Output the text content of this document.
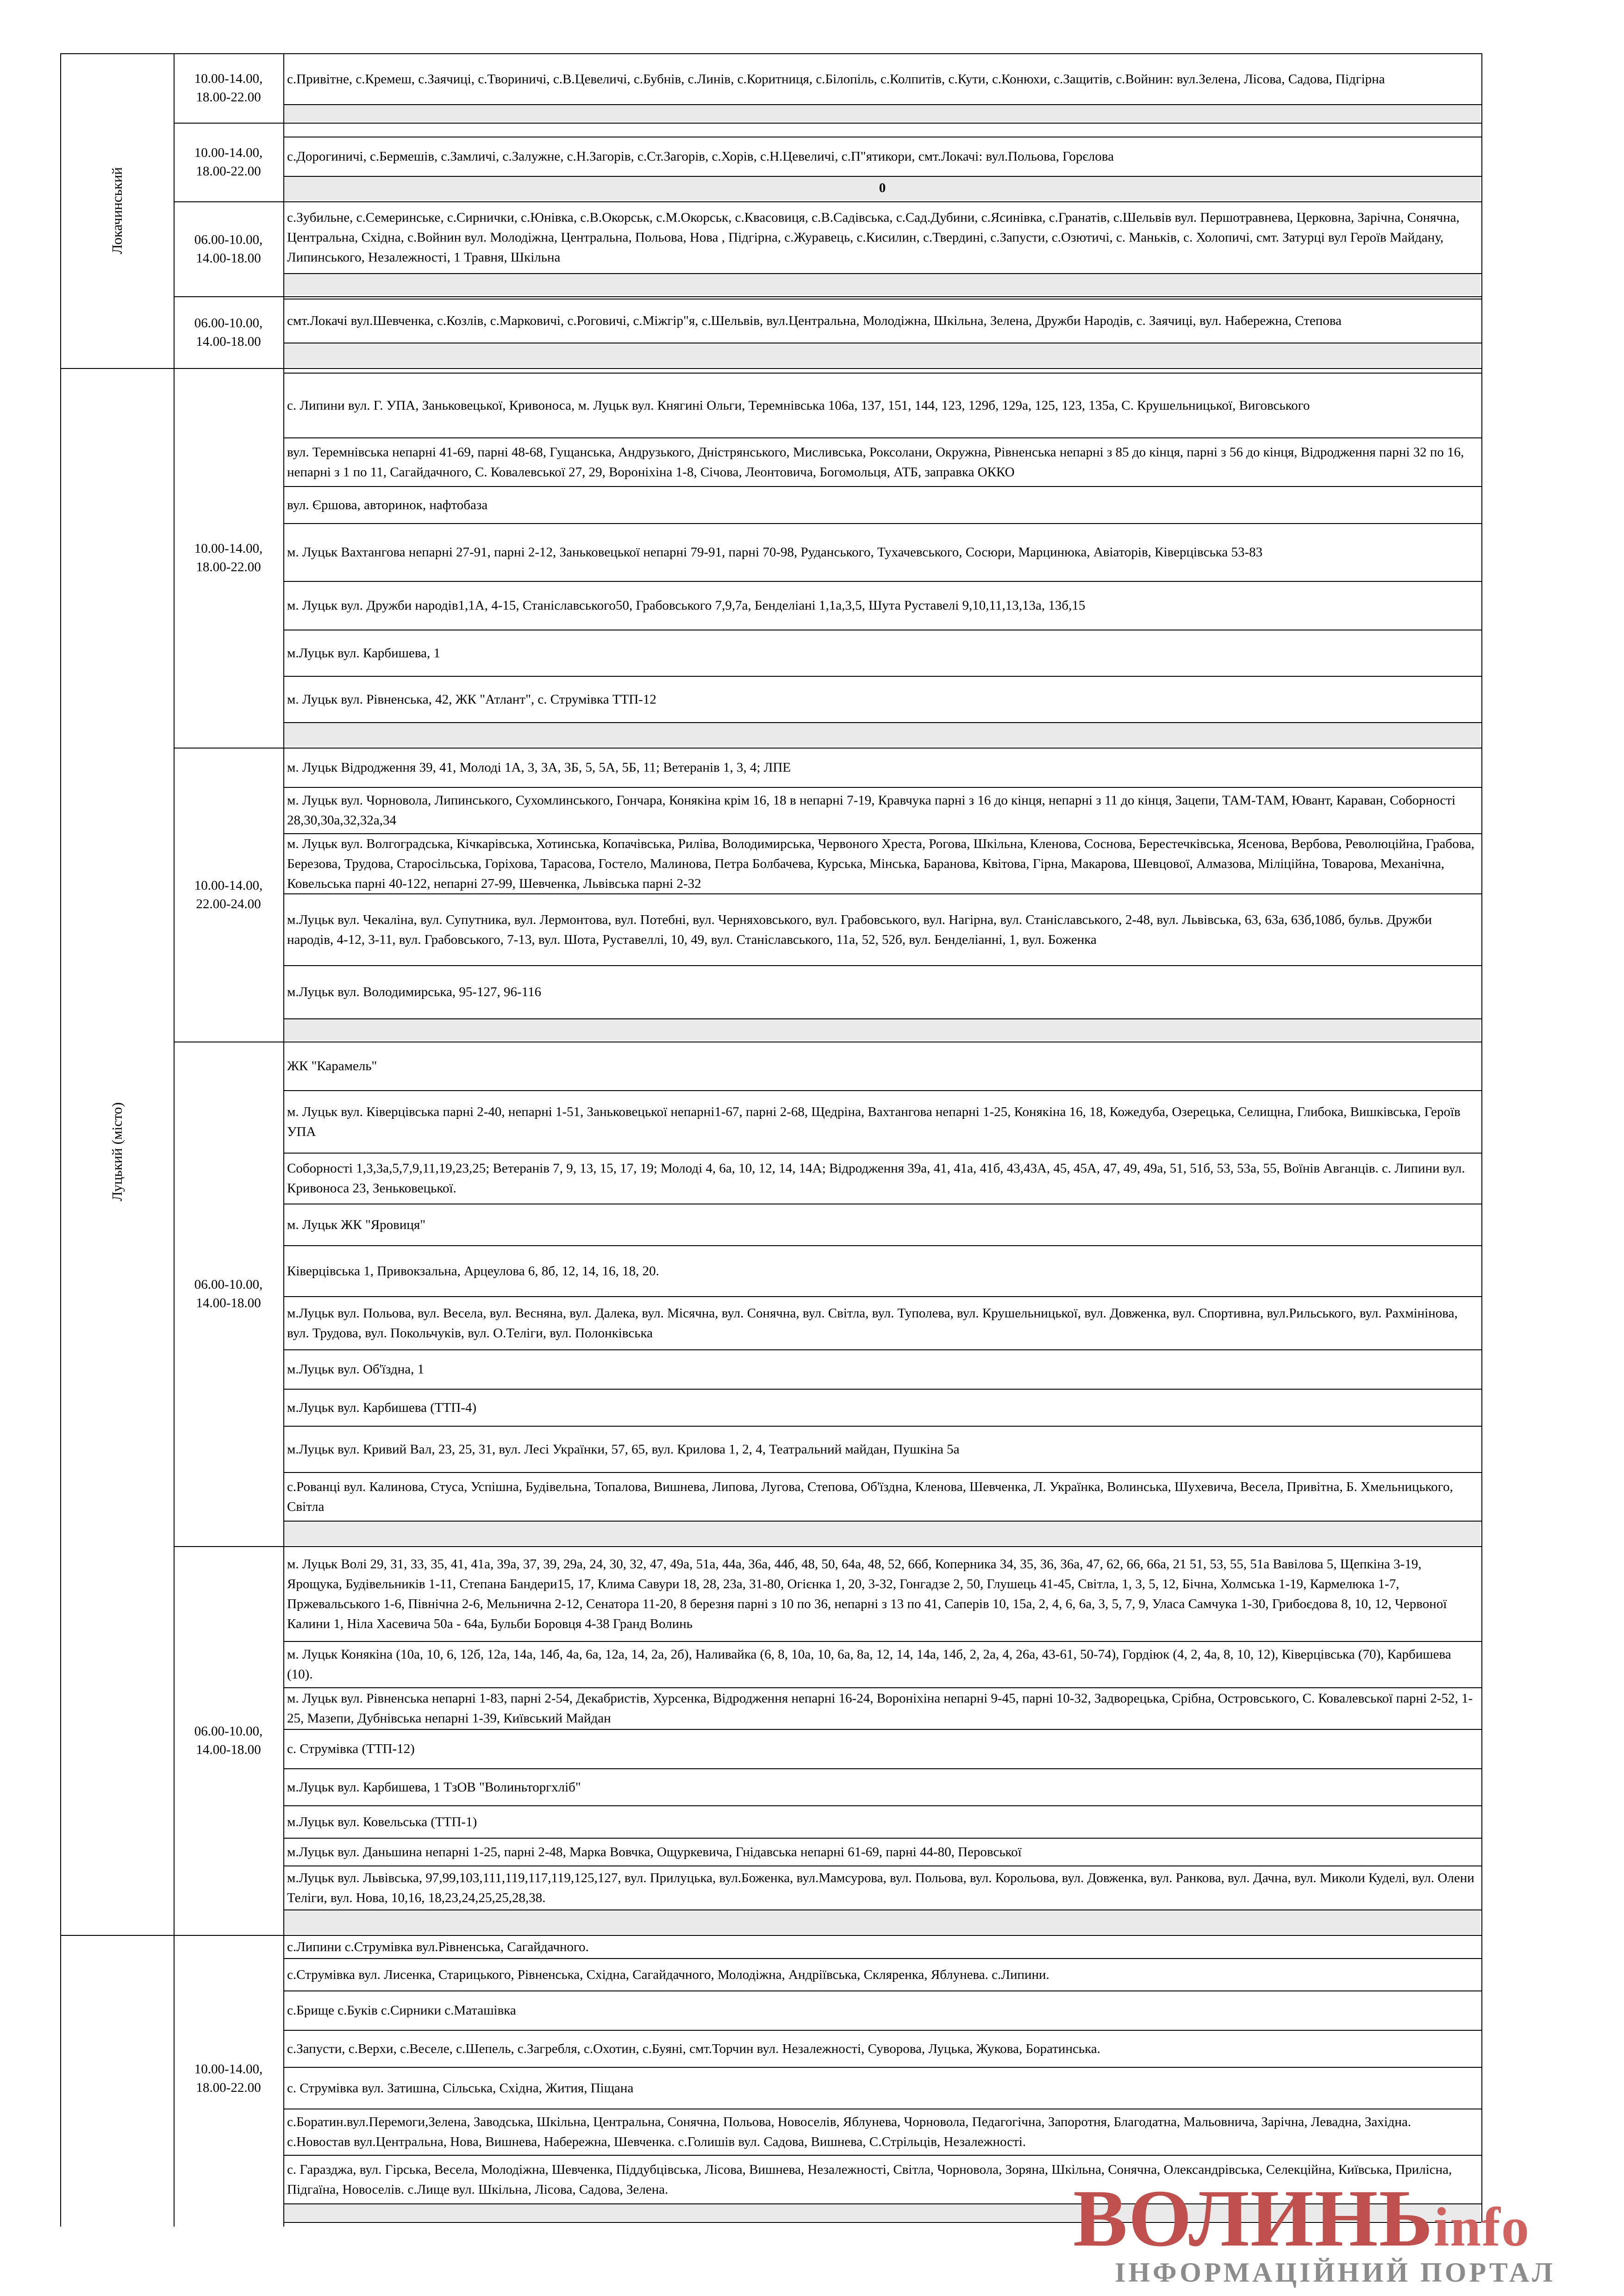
Локачинський
Луцький (місто)
10.00-14.00,
18.00-22.00
с.Привітне, с.Кремеш, с.Заячиці, с.Твориничі, с.В.Цевеличі, с.Бубнів, с.Линів, с.Коритниця, с.Білопіль, с.Колпитів, с.Кути, с.Конюхи, с.Защитів, с.Войнин: вул.Зелена, Лісова, Садова, Підгірна
10.00-14.00,
18.00-22.00
с.Дорогиничі, с.Бермешів, с.Замличі, с.Залужне, с.Н.Загорів, с.Ст.Загорів, с.Хорів, с.Н.Цевеличі, с.П"ятикори, смт.Локачі: вул.Польова, Горєлова
0
06.00-10.00,
14.00-18.00
с.Зубильне, с.Семеринське, с.Сирнички, с.Юнівка, с.В.Окорськ, с.М.Окорськ, с.Квасовиця, с.В.Садівська, с.Сад.Дубини, с.Ясинівка, с.Гранатів, с.Шельвів вул. Першотравнева, Церковна, Зарічна, Сонячна, Центральна, Східна, с.Войнин вул. Молодіжна, Центральна, Польова, Нова , Підгірна, с.Журавець, с.Кисилин, с.Твердині, с.Запусти, с.Озютичі, с. Маньків, с. Холопичі, смт. Затурці вул Героїв Майдану, Липинського, Незалежності, 1 Травня, Шкільна
06.00-10.00,
14.00-18.00
смт.Локачі вул.Шевченка, с.Козлів, с.Марковичі, с.Роговичі, с.Міжгір"я, с.Шельвів, вул.Центральна, Молодіжна, Шкільна, Зелена, Дружби Народів, с. Заячиці, вул. Набережна, Степова
10.00-14.00,
18.00-22.00
с. Липини вул. Г. УПА, Заньковецької, Кривоноса, м. Луцьк вул. Княгині Ольги, Теремнівська 106а, 137, 151, 144, 123, 129б, 129а, 125, 123, 135а, С. Крушельницької, Виговського
вул. Теремнівська непарні 41-69, парні 48-68, Гущанська, Андрузького, Дністрянського, Мисливська, Роксолани, Окружна, Рівненська непарні з 85 до кінця, парні з 56 до кінця, Відродження парні 32 по 16, непарні з 1 по 11, Сагайдачного, С. Ковалевської 27, 29, Вороніхіна 1-8, Січова, Леонтовича, Богомольця, АТБ, заправка ОККО
вул. Єршова, авторинок, нафтобаза
м. Луцьк Вахтангова непарні 27-91, парні 2-12, Заньковецької непарні 79-91, парні 70-98, Руданського, Тухачевського, Сосюри, Марцинюка, Авіаторів, Ківерцівська 53-83
м. Луцьк вул. Дружби народів1,1А, 4-15, Станіславського50, Грабовського 7,9,7а, Бенделіані 1,1а,3,5, Шута Руставелі 9,10,11,13,13а, 13б,15
м.Луцьк вул. Карбишева, 1
м. Луцьк вул. Рівненська, 42, ЖК "Атлант", с. Струмівка ТТП-12
10.00-14.00,
22.00-24.00
м. Луцьк Відродження 39, 41, Молоді 1А, 3, 3А, 3Б, 5, 5А, 5Б, 11; Ветеранів 1, 3, 4; ЛПЕ
м. Луцьк вул. Чорновола, Липинського, Сухомлинського, Гончара, Конякіна крім 16, 18 в непарні 7-19, Кравчука парні з 16 до кінця, непарні з 11 до кінця, Зацепи, ТАМ-ТАМ, Ювант, Караван, Соборності 28,30,30а,32,32а,34
м. Луцьк вул. Волгоградська, Кічкарівська, Хотинська, Копачівська, Риліва, Володимирська, Червоного Хреста, Рогова, Шкільна, Кленова, Соснова, Берестечківська, Ясенова, Вербова, Революційна, Грабова, Березова, Трудова, Старосільська, Горіхова, Тарасова, Гостело, Малинова, Петра Болбачева, Курська, Мінська, Баранова, Квітова, Гірна, Макарова, Шевцової, Алмазова, Міліційна, Товарова, Механічна, Ковельська парні 40-122, непарні 27-99, Шевченка, Львівська парні 2-32
м.Луцьк вул. Чекаліна, вул. Супутника, вул. Лермонтова, вул. Потебні, вул. Черняховського, вул. Грабовського, вул. Нагірна, вул. Станіславського, 2-48, вул. Львівська, 63, 63а, 63б,108б, бульв. Дружби народів, 4-12, 3-11, вул. Грабовського, 7-13, вул. Шота, Руставеллі, 10, 49, вул. Станіславського, 11а, 52, 52б, вул. Бенделіанні, 1, вул. Боженка
м.Луцьк вул. Володимирська, 95-127, 96-116
06.00-10.00,
14.00-18.00
ЖК "Карамель"
м. Луцьк вул. Ківерцівська парні 2-40, непарні 1-51, Заньковецької непарні1-67, парні 2-68, Щедріна, Вахтангова непарні 1-25, Конякіна 16, 18, Кожедуба, Озерецька, Селищна, Глибока, Вишківська, Героїв УПА
Соборності 1,3,3а,5,7,9,11,19,23,25; Ветеранів 7, 9, 13, 15, 17, 19; Молоді 4, 6а, 10, 12, 14, 14А; Відродження 39а, 41, 41а, 41б, 43,43А, 45, 45А, 47, 49, 49а, 51, 51б, 53, 53а, 55, Воїнів Авганців. с. Липини вул. Кривоноса 23, Зеньковецької.
м. Луцьк ЖК "Яровиця"
Ківерцівська 1, Привокзальна, Арцеулова 6, 8б, 12, 14, 16, 18, 20.
м.Луцьк вул. Польова, вул. Весела, вул. Весняна, вул. Далека, вул. Місячна, вул. Сонячна, вул. Світла, вул. Туполева, вул. Крушельницької, вул. Довженка, вул. Спортивна, вул.Рильського, вул. Рахмінінова, вул. Трудова, вул. Покольчуків, вул. О.Теліги, вул. Полонківська
м.Луцьк вул. Об'їздна, 1
м.Луцьк вул. Карбишева (ТТП-4)
м.Луцьк вул. Кривий Вал, 23, 25, 31, вул. Лесі Українки, 57, 65, вул. Крилова 1, 2, 4, Театральний майдан, Пушкіна 5а
с.Рованці вул. Калинова, Стуса, Успішна, Будівельна, Топалова, Вишнева, Липова, Лугова, Степова, Об'їздна, Кленова, Шевченка, Л. Українка, Волинська, Шухевича, Весела, Привітна, Б. Хмельницького, Світла
06.00-10.00,
14.00-18.00
м. Луцьк Волі 29, 31, 33, 35, 41, 41а, 39а, 37, 39, 29а, 24, 30, 32, 47, 49а, 51а, 44а, 36а, 44б, 48, 50, 64а, 48, 52, 66б, Коперника 34, 35, 36, 36а, 47, 62, 66, 66а, 21 51, 53, 55, 51а Вавілова 5, Щепкіна 3-19, Ярощука, Будівельників 1-11, Степана Бандери15, 17, Клима Савури 18, 28, 23а, 31-80, Огієнка 1, 20, 3-32, Гонгадзе 2, 50, Глушець 41-45, Світла, 1, 3, 5, 12, Бічна, Холмська 1-19, Кармелюка 1-7, Пржевальського 1-6, Північна 2-6, Мельнична 2-12, Сенатора 11-20, 8 березня парні з 10 по 36, непарні з 13 по 41, Саперів 10, 15а, 2, 4, 6, 6а, 3, 5, 7, 9, Уласа Самчука 1-30, Грибоєдова 8, 10, 12, Червоної Калини 1, Ніла Хасевича 50а - 64а, Бульби Боровця 4-38 Гранд Волинь
м. Луцьк Конякіна (10а, 10, 6, 12б, 12а, 14а, 14б, 4а, 6а, 12а, 14, 2а, 2б), Наливайка (6, 8, 10а, 10, 6а, 8а, 12, 14, 14а, 14б, 2, 2а, 4, 26а, 43-61, 50-74), Гордіюк (4, 2, 4а, 8, 10, 12), Ківерцівська (70), Карбишева (10).
м. Луцьк вул. Рівненська непарні 1-83, парні 2-54, Декабристів, Хурсенка, Відродження непарні 16-24, Вороніхіна непарні 9-45, парні 10-32, Задворецька, Срібна, Островського, С. Ковалевської парні 2-52, 1-25, Мазепи, Дубнівська непарні 1-39, Київський Майдан
с. Струмівка (ТТП-12)
м.Луцьк вул. Карбишева, 1 ТзОВ "Волиньторгхліб"
м.Луцьк вул. Ковельська (ТТП-1)
м.Луцьк вул. Даньшина непарні 1-25, парні 2-48, Марка Вовчка, Ощуркевича, Гнідавська непарні 61-69, парні 44-80, Перовської
м.Луцьк вул. Львівська, 97,99,103,111,119,117,119,125,127, вул. Прилуцька, вул.Боженка, вул.Мамсурова, вул. Польова, вул. Корольова, вул. Довженка, вул. Ранкова, вул. Дачна, вул. Миколи Куделі, вул. Олени Теліги, вул. Нова, 10,16, 18,23,24,25,25,28,38.
10.00-14.00,
18.00-22.00
с.Липини с.Струмівка вул.Рівненська, Сагайдачного.
с.Струмівка вул. Лисенка, Старицького, Рівненська, Східна, Сагайдачного, Молодіжна, Андріївська, Скляренка, Яблунева. с.Липини.
с.Брище с.Буків с.Сирники с.Маташівка
с.Запусти, с.Верхи, с.Веселе, с.Шепель, с.Загребля, с.Охотин, с.Буяні, смт.Торчин вул. Незалежності, Суворова, Луцька, Жукова, Боратинська.
с. Струмівка вул. Затишна, Сільська, Східна, Жития, Піщана
с.Боратин.вул.Перемоги,Зелена, Заводська, Шкільна, Центральна, Сонячна, Польова, Новоселів, Яблунева, Чорновола, Педагогічна, Запоротня, Благодатна, Мальовнича, Зарічна, Левадна, Західна. с.Новостав вул.Центральна, Нова, Вишнева, Набережна, Шевченка. с.Голишів вул. Садова, Вишнева, С.Стрільців, Незалежності.
с. Гаразджа, вул. Гірська, Весела, Молодіжна, Шевченка, Піддубцівська, Лісова, Вишнева, Незалежності, Світла, Чорновола, Зоряна, Шкільна, Сонячна, Олександрівська, Селекційна, Київська, Прилісна, Підгаїна, Новоселів. с.Лище вул. Шкільна, Лісова, Садова, Зелена.	ВОЛИНЬinfo
ІНФОРМАЦІЙНИЙ ПОРТАЛ
